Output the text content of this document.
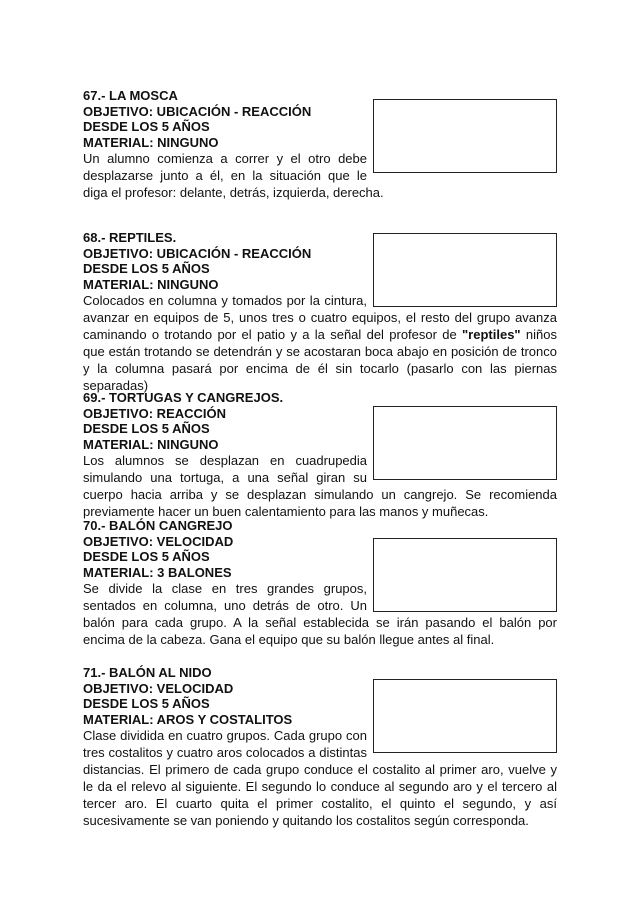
67.- LA MOSCA
OBJETIVO: UBICACIÓN - REACCIÓN
DESDE LOS 5 AÑOS
MATERIAL: NINGUNO

Un alumno comienza a correr y el otro debe desplazarse junto a él, en la situación que le diga el profesor: delante, detrás, izquierda, derecha.

68.- REPTILES.
OBJETIVO: UBICACIÓN - REACCIÓN
DESDE LOS 5 AÑOS
MATERIAL: NINGUNO

Colocados en columna y tomados por la cintura, avanzar en equipos de 5, unos tres o cuatro equipos, el resto del grupo avanza caminando o trotando por el patio y a la señal del profesor de "reptiles" niños que están trotando se detendrán y se acostaran boca abajo en posición de tronco y la columna pasará por encima de él sin tocarlo (pasarlo con las piernas separadas)

69.- TORTUGAS Y CANGREJOS.
OBJETIVO: REACCIÓN
DESDE LOS 5 AÑOS
MATERIAL: NINGUNO

Los alumnos se desplazan en cuadrupedia simulando una tortuga, a una señal giran su cuerpo hacia arriba y se desplazan simulando un cangrejo. Se recomienda previamente hacer un buen calentamiento para las manos y muñecas.

70.- BALÓN CANGREJO
OBJETIVO: VELOCIDAD
DESDE LOS 5 AÑOS
MATERIAL: 3 BALONES

Se divide la clase en tres grandes grupos, sentados en columna, uno detrás de otro. Un balón para cada grupo. A la señal establecida se irán pasando el balón por encima de la cabeza. Gana el equipo que su balón llegue antes al final.

71.- BALÓN AL NIDO
OBJETIVO: VELOCIDAD
DESDE LOS 5 AÑOS
MATERIAL: AROS Y COSTALITOS

Clase dividida en cuatro grupos. Cada grupo con tres costalitos y cuatro aros colocados a distintas distancias. El primero de cada grupo conduce el costalito al primer aro, vuelve y le da el relevo al siguiente. El segundo lo conduce al segundo aro y el tercero al tercer aro. El cuarto quita el primer costalito, el quinto el segundo, y así sucesivamente se van poniendo y quitando los costalitos según corresponda.
